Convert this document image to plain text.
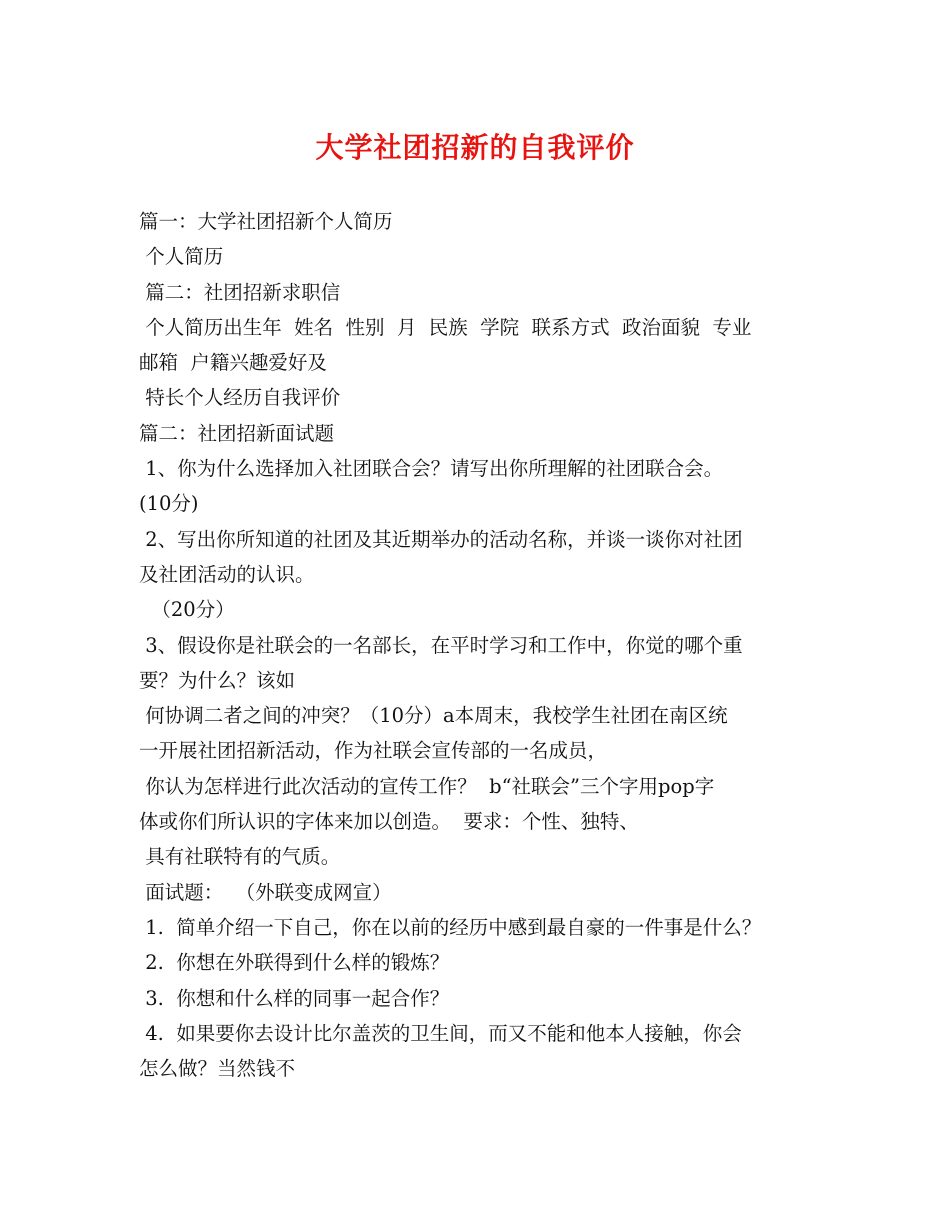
大学社团招新的自我评价
篇一：大学社团招新个人简历
个人简历
篇二：社团招新求职信
个人简历出生年  姓名  性别  月  民族  学院  联系方式  政治面貌  专业
邮箱  户籍兴趣爱好及
特长个人经历自我评价
篇二：社团招新面试题
1、你为什么选择加入社团联合会？请写出你所理解的社团联合会。
(10分)
2、写出你所知道的社团及其近期举办的活动名称，并谈一谈你对社团
及社团活动的认识。
（20分）
3、假设你是社联会的一名部长，在平时学习和工作中，你觉的哪个重
要？为什么？该如
何协调二者之间的冲突？（10分）a本周末，我校学生社团在南区统
一开展社团招新活动，作为社联会宣传部的一名成员，
你认为怎样进行此次活动的宣传工作？  b“社联会”三个字用pop字
体或你们所认识的字体来加以创造。  要求：个性、独特、
具有社联特有的气质。
面试题：  （外联变成网宣）
1.  简单介绍一下自己，你在以前的经历中感到最自豪的一件事是什么？
2.  你想在外联得到什么样的锻炼？
3.  你想和什么样的同事一起合作？
4.  如果要你去设计比尔盖茨的卫生间，而又不能和他本人接触，你会
怎么做？当然钱不
